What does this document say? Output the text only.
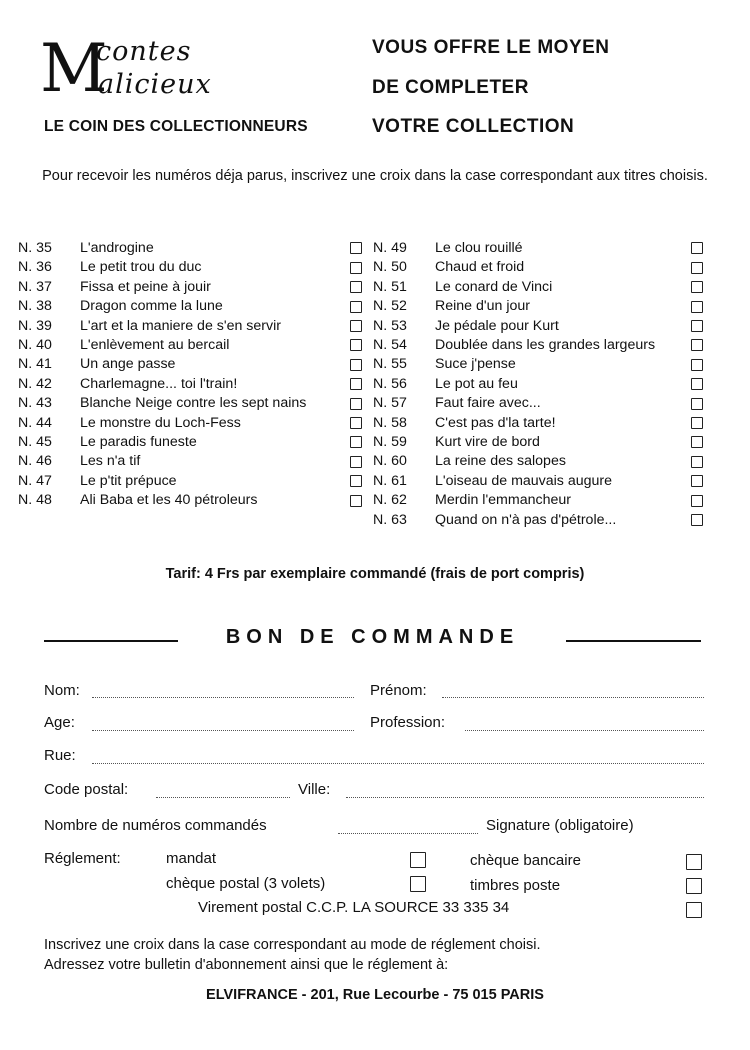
M
contes
alicieux
LE COIN DES COLLECTIONNEURS
VOUS OFFRE LE MOYEN
DE COMPLETER
VOTRE COLLECTION
Pour recevoir les numéros déja parus, inscrivez une croix dans la case correspondant aux titres choisis.
N. 35	L'androgine
N. 36	Le petit trou du duc
N. 37	Fissa et peine à jouir
N. 38	Dragon comme la lune
N. 39	L'art et la maniere de s'en servir
N. 40	L'enlèvement au bercail
N. 41	Un ange passe
N. 42	Charlemagne... toi l'train!
N. 43	Blanche Neige contre les sept nains
N. 44	Le monstre du Loch-Fess
N. 45	Le paradis funeste
N. 46	Les n'a tif
N. 47	Le p'tit prépuce
N. 48	Ali Baba et les 40 pétroleurs
N. 49	Le clou rouillé
N. 50	Chaud et froid
N. 51	Le conard de Vinci
N. 52	Reine d'un jour
N. 53	Je pédale pour Kurt
N. 54	Doublée dans les grandes largeurs
N. 55	Suce j'pense
N. 56	Le pot au feu
N. 57	Faut faire avec...
N. 58	C'est pas d'la tarte!
N. 59	Kurt vire de bord
N. 60	La reine des salopes
N. 61	L'oiseau de mauvais augure
N. 62	Merdin l'emmancheur
N. 63	Quand on n'à pas d'pétrole...
Tarif: 4 Frs par exemplaire commandé (frais de port compris)
BON DE COMMANDE
Nom:	Prénom:
Age:	Profession:
Rue:
Code postal:	Ville:
Nombre de numéros commandés	Signature (obligatoire)
Réglement:	mandat	chèque bancaire
chèque postal (3 volets)	timbres poste
Virement postal C.C.P. LA SOURCE 33 335 34
Inscrivez une croix dans la case correspondant au mode de réglement choisi.
Adressez votre bulletin d'abonnement ainsi que le réglement à:
ELVIFRANCE - 201, Rue Lecourbe - 75 015 PARIS
